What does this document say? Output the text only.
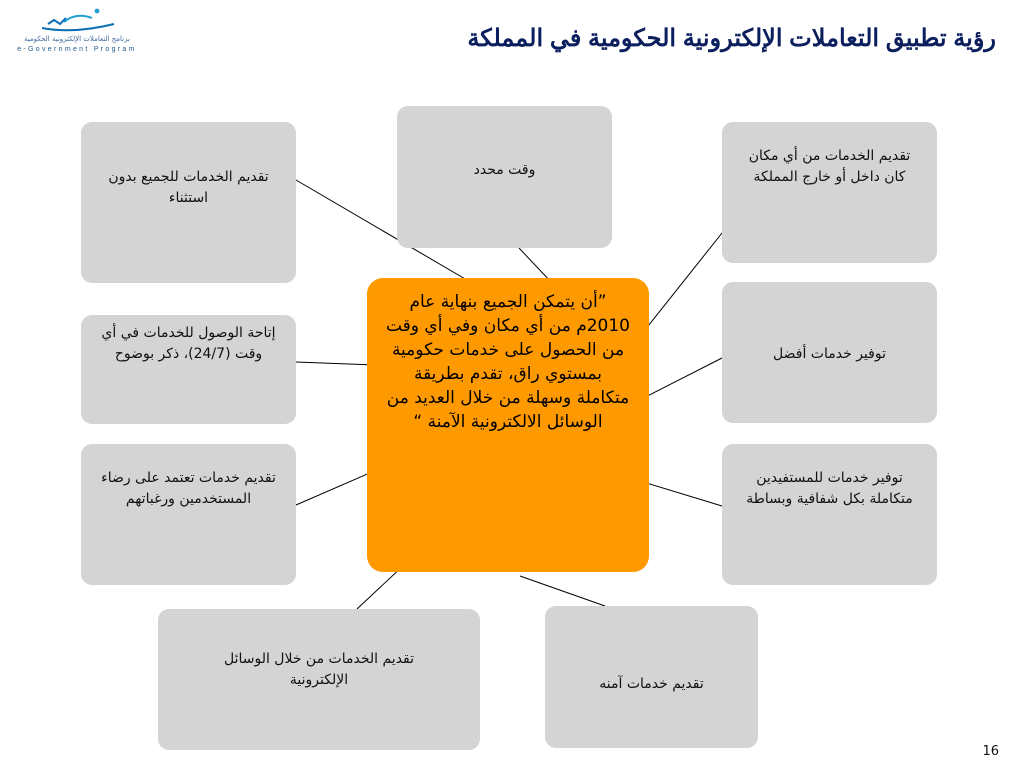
برنامج التعاملات الإلكترونية الحكومية
e-Government Program	رؤية تطبيق التعاملات الإلكترونية الحكومية في المملكة
تقديم الخدمات للجميع بدون استثناء
وقت محدد
تقديم الخدمات من أي مكان كان داخل أو خارج المملكة
إتاحة الوصول للخدمات في أي وقت (24/7)، ذكر بوضوح	توفير خدمات أفضل
تقديم خدمات تعتمد على رضاء المستخدمين ورغباتهم
توفير خدمات للمستفيدين متكاملة بكل شفافية وبساطة
تقديم الخدمات من خلال الوسائل الإلكترونية	تقديم خدمات آمنه
”أن يتمكن الجميع بنهاية عام 2010م من أي مكان وفي أي وقت من الحصول على خدمات حكومية بمستوي راق، تقدم بطريقة متكاملة وسهلة من خلال العديد من الوسائل الالكترونية الآمنة “
16
